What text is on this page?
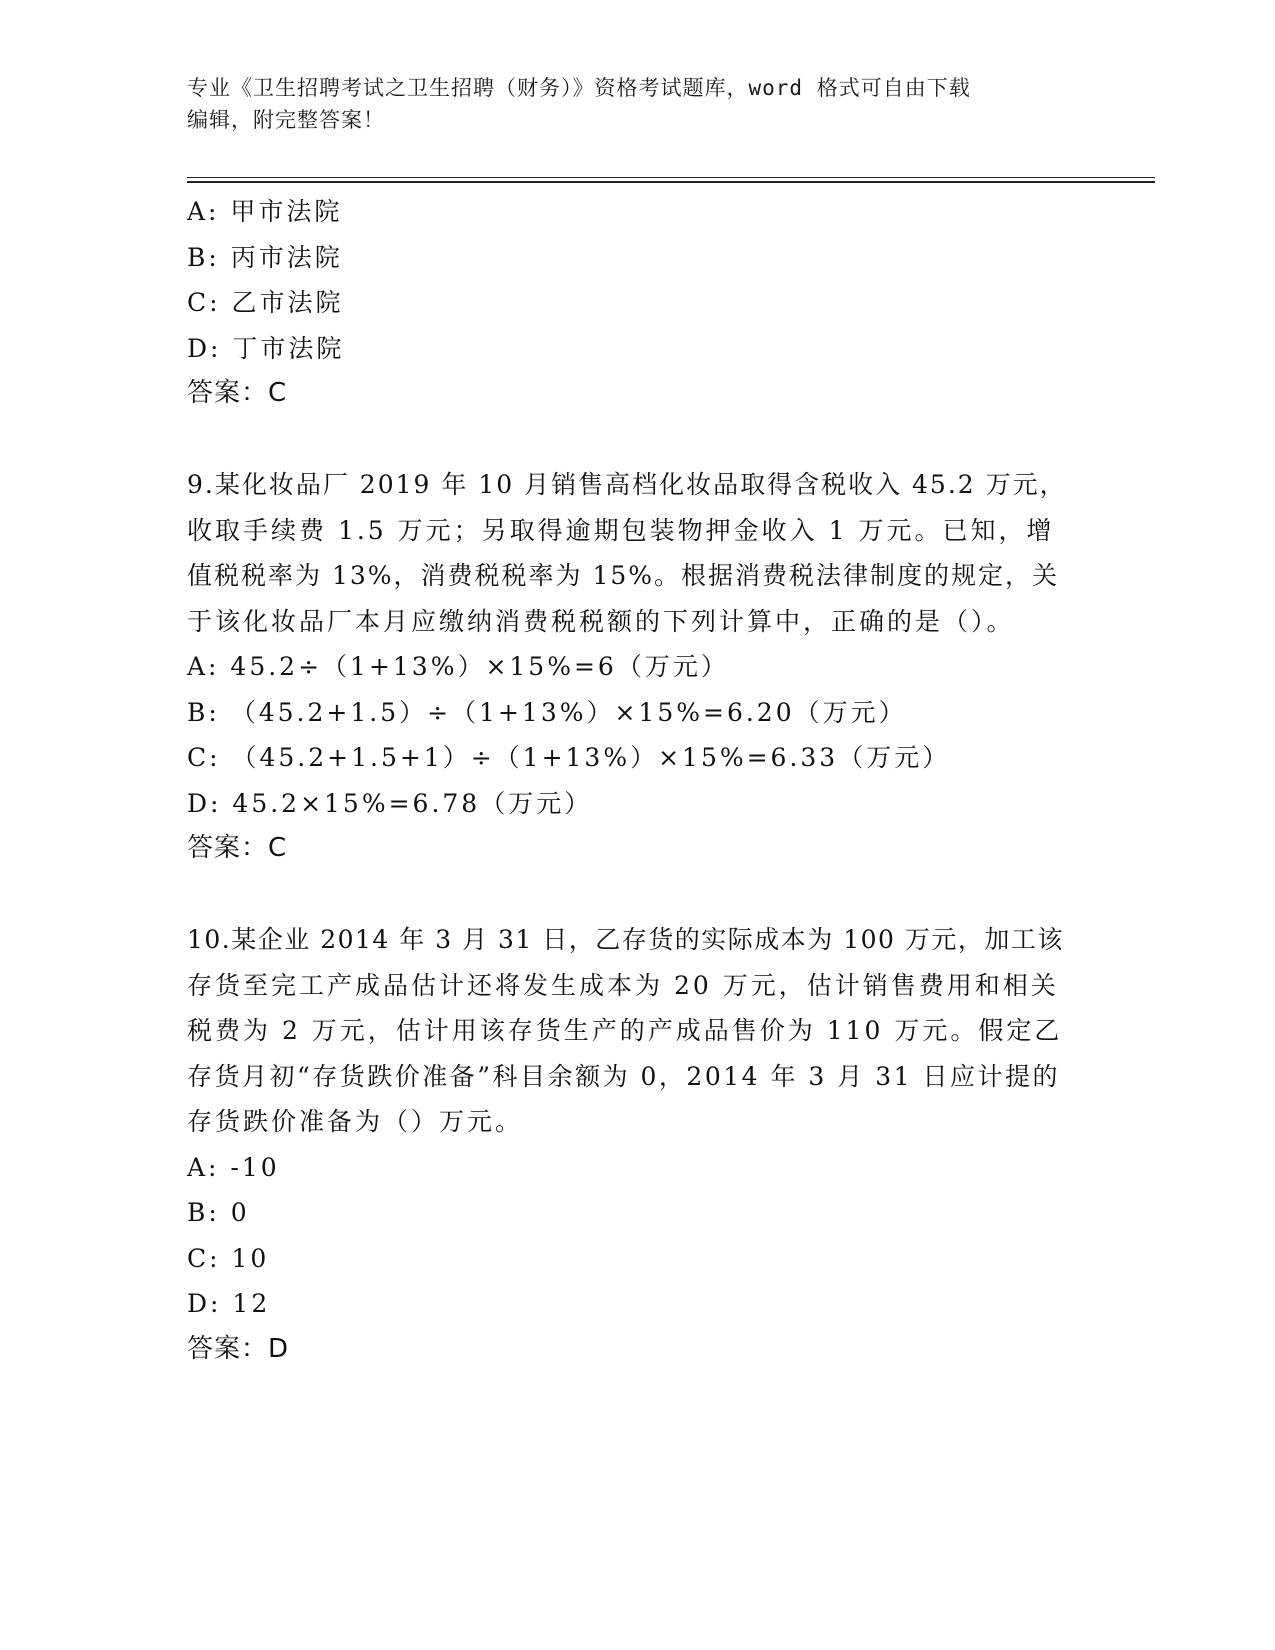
专业《卫生招聘考试之卫生招聘（财务）》资格考试题库，word 格式可自由下载
编辑，附完整答案！
A: 甲市法院
B: 丙市法院
C: 乙市法院
D: 丁市法院
答案：C
9.某化妆品厂 2019 年 10 月销售高档化妆品取得含税收入 45.2 万元，
收取手续费 1.5 万元；另取得逾期包装物押金收入 1 万元。已知，增
值税税率为 13%，消费税税率为 15%。根据消费税法律制度的规定，关
于该化妆品厂本月应缴纳消费税税额的下列计算中，正确的是（）。
A: 45.2÷（1+13%）×15%=6（万元）
B: （45.2+1.5）÷（1+13%）×15%=6.20（万元）
C: （45.2+1.5+1）÷（1+13%）×15%=6.33（万元）
D: 45.2×15%=6.78（万元）
答案：C
10.某企业 2014 年 3 月 31 日，乙存货的实际成本为 100 万元，加工该
存货至完工产成品估计还将发生成本为 20 万元，估计销售费用和相关
税费为 2 万元，估计用该存货生产的产成品售价为 110 万元。假定乙
存货月初“存货跌价准备”科目余额为 0，2014 年 3 月 31 日应计提的
存货跌价准备为（）万元。
A: -10
B: 0
C: 10
D: 12
答案：D
